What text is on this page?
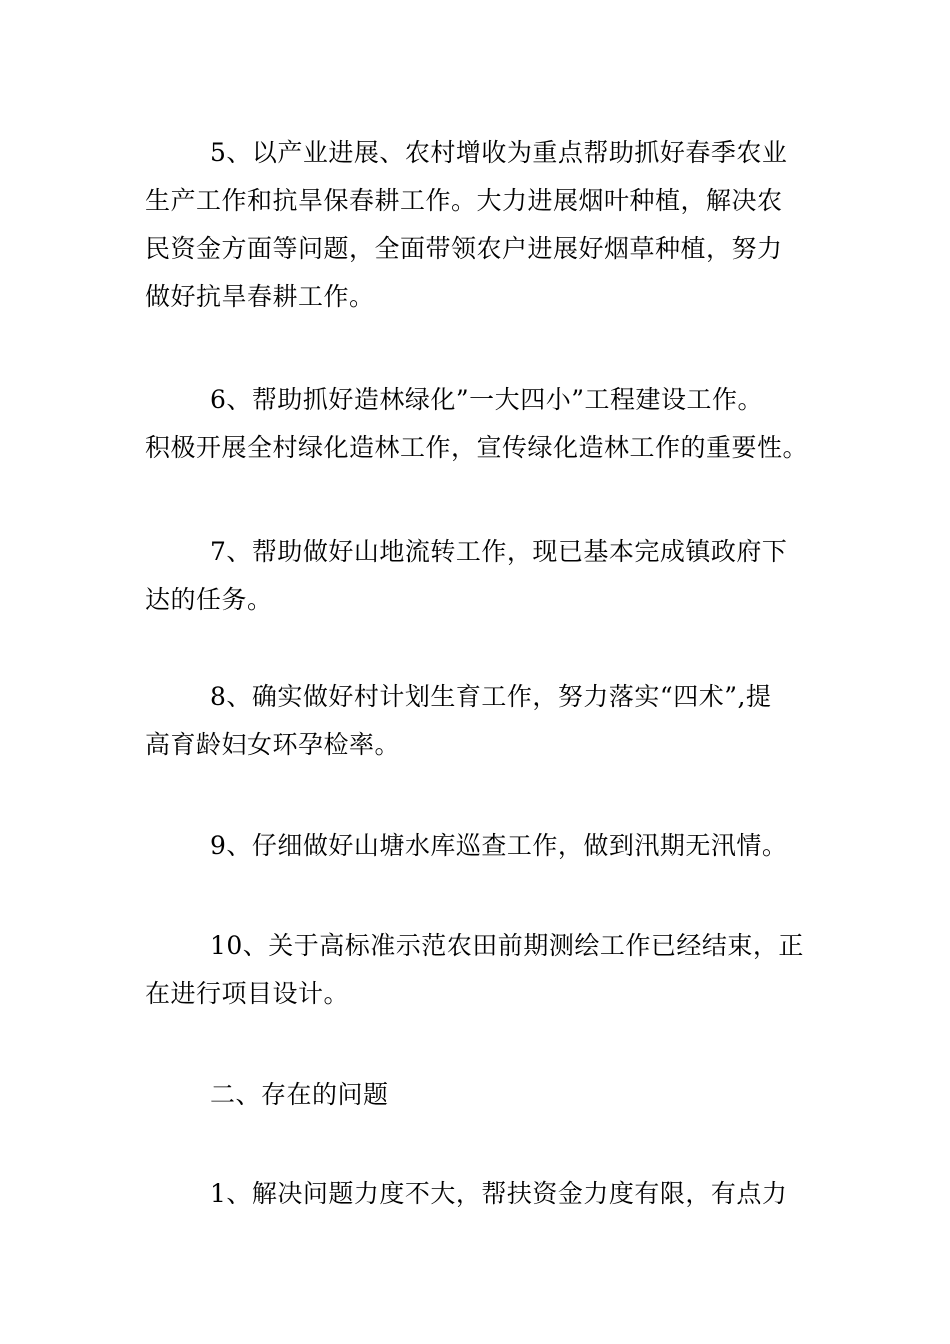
5、以产业进展、农村增收为重点帮助抓好春季农业
生产工作和抗旱保春耕工作。大力进展烟叶种植，解决农
民资金方面等问题，全面带领农户进展好烟草种植，努力
做好抗旱春耕工作。
6、帮助抓好造林绿化”一大四小”工程建设工作。
积极开展全村绿化造林工作，宣传绿化造林工作的重要性。
7、帮助做好山地流转工作，现已基本完成镇政府下
达的任务。
8、确实做好村计划生育工作，努力落实“四术”,提
高育龄妇女环孕检率。
9、仔细做好山塘水库巡查工作，做到汛期无汛情。
10、关于高标准示范农田前期测绘工作已经结束，正
在进行项目设计。
二、存在的问题
1、解决问题力度不大，帮扶资金力度有限，有点力
